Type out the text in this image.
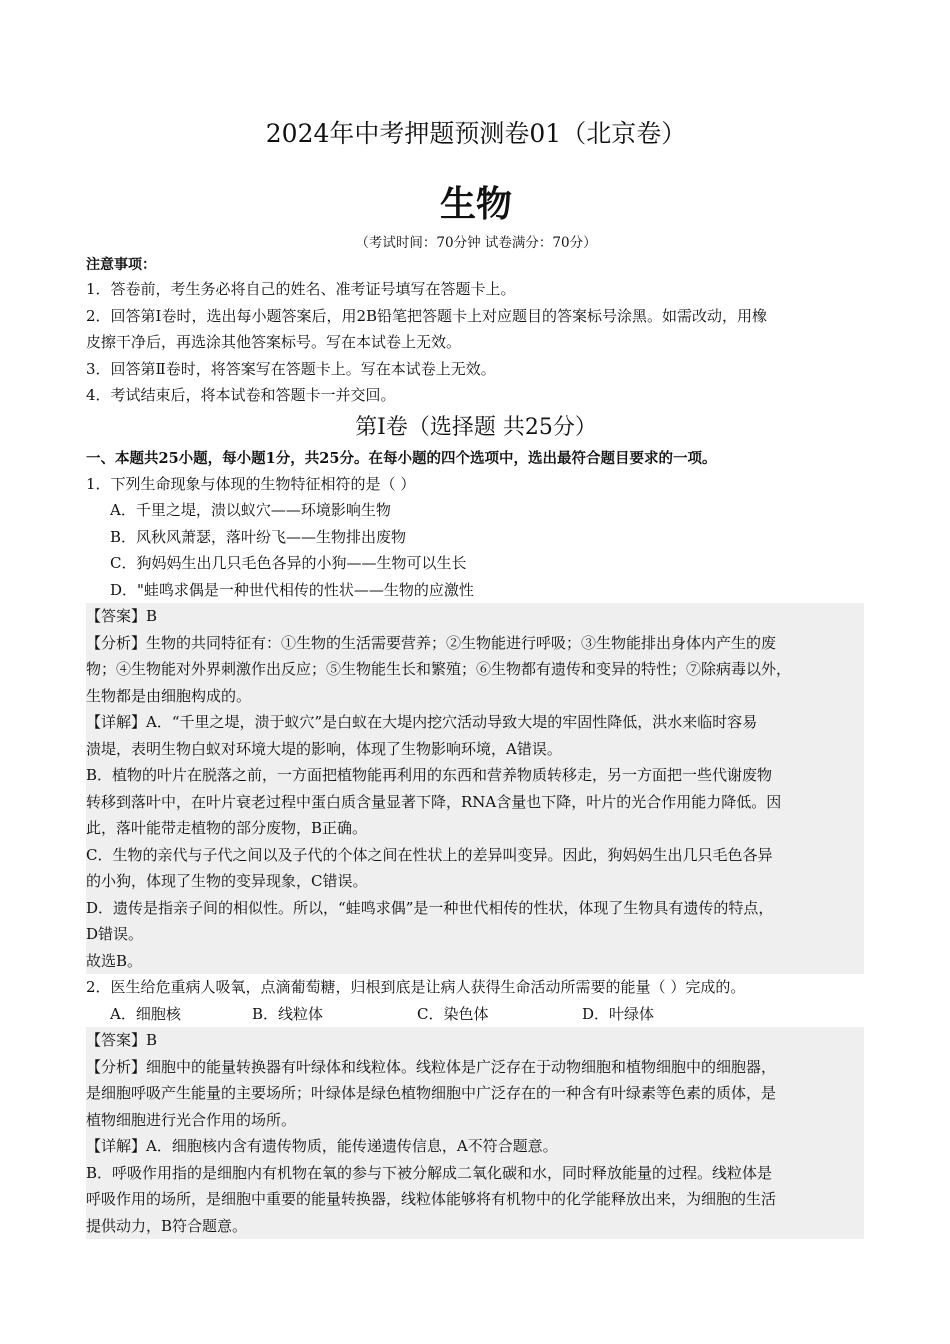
2024年中考押题预测卷01（北京卷）
生物
（考试时间：70分钟 试卷满分：70分）
注意事项：
1．答卷前，考生务必将自己的姓名、准考证号填写在答题卡上。
2．回答第Ⅰ卷时，选出每小题答案后，用2B铅笔把答题卡上对应题目的答案标号涂黑。如需改动，用橡
皮擦干净后，再选涂其他答案标号。写在本试卷上无效。
3．回答第Ⅱ卷时，将答案写在答题卡上。写在本试卷上无效。
4．考试结束后，将本试卷和答题卡一并交回。
第Ⅰ卷（选择题 共25分）
一、本题共25小题，每小题1分，共25分。在每小题的四个选项中，选出最符合题目要求的一项。
1．下列生命现象与体现的生物特征相符的是（ ）
A．千里之堤，溃以蚁穴——环境影响生物
B．风秋风萧瑟，落叶纷飞——生物排出废物
C．狗妈妈生出几只毛色各异的小狗——生物可以生长
D．"蛙鸣求偶是一种世代相传的性状——生物的应激性
【答案】B
【分析】生物的共同特征有：①生物的生活需要营养；②生物能进行呼吸；③生物能排出身体内产生的废
物；④生物能对外界刺激作出反应；⑤生物能生长和繁殖；⑥生物都有遗传和变异的特性；⑦除病毒以外，
生物都是由细胞构成的。
【详解】A．“千里之堤，溃于蚁穴”是白蚁在大堤内挖穴活动导致大堤的牢固性降低，洪水来临时容易
溃堤，表明生物白蚁对环境大堤的影响，体现了生物影响环境，A错误。
B．植物的叶片在脱落之前，一方面把植物能再利用的东西和营养物质转移走，另一方面把一些代谢废物
转移到落叶中，在叶片衰老过程中蛋白质含量显著下降，RNA含量也下降，叶片的光合作用能力降低。因
此，落叶能带走植物的部分废物，B正确。
C．生物的亲代与子代之间以及子代的个体之间在性状上的差异叫变异。因此，狗妈妈生出几只毛色各异
的小狗，体现了生物的变异现象，C错误。
D．遗传是指亲子间的相似性。所以，“蛙鸣求偶”是一种世代相传的性状，体现了生物具有遗传的特点，
D错误。
故选B。
2．医生给危重病人吸氧，点滴葡萄糖，归根到底是让病人获得生命活动所需要的能量（ ）完成的。
A．细胞核	B．线粒体	C．染色体	D．叶绿体
【答案】B
【分析】细胞中的能量转换器有叶绿体和线粒体。线粒体是广泛存在于动物细胞和植物细胞中的细胞器，
是细胞呼吸产生能量的主要场所；叶绿体是绿色植物细胞中广泛存在的一种含有叶绿素等色素的质体，是
植物细胞进行光合作用的场所。
【详解】A．细胞核内含有遗传物质，能传递遗传信息，A不符合题意。
B．呼吸作用指的是细胞内有机物在氧的参与下被分解成二氧化碳和水，同时释放能量的过程。线粒体是
呼吸作用的场所，是细胞中重要的能量转换器，线粒体能够将有机物中的化学能释放出来，为细胞的生活
提供动力，B符合题意。
